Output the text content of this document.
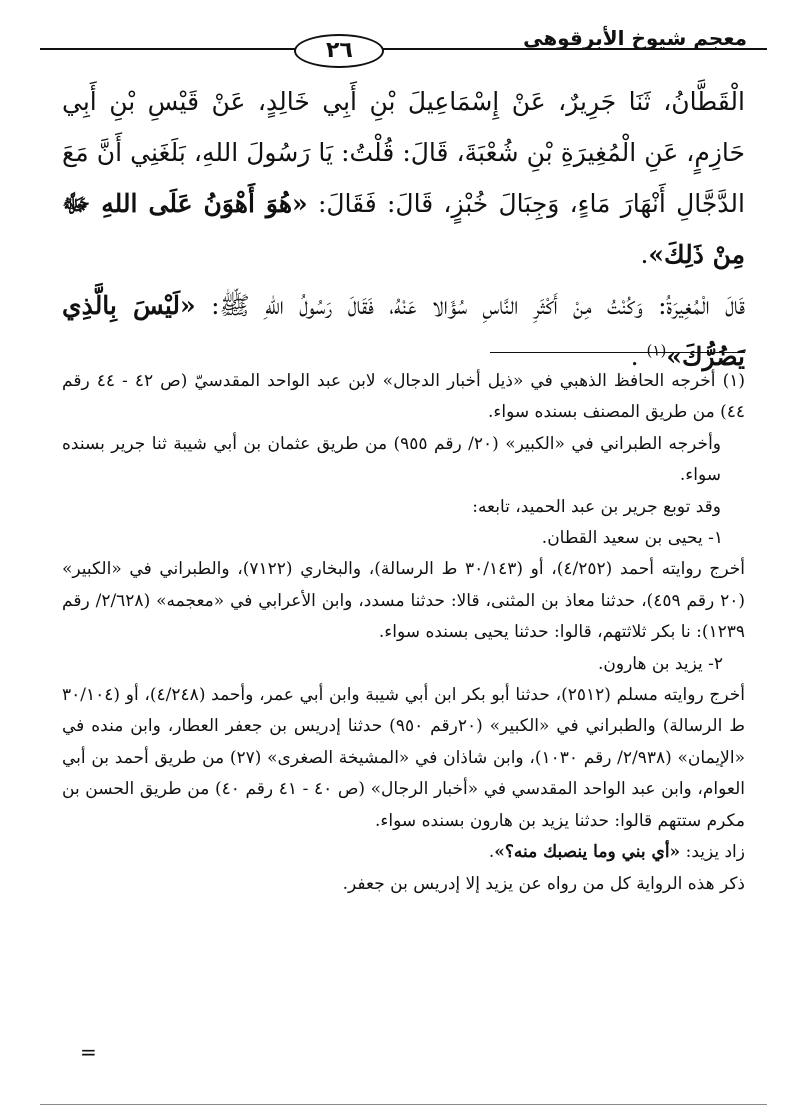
معجم شيوخ الأبرقوهي
٢٦

الْقَطَّانُ، ثَنَا جَرِيرٌ، عَنْ إِسْمَاعِيلَ بْنِ أَبِي خَالِدٍ، عَنْ قَيْسِ بْنِ أَبِي حَازِمٍ، عَنِ الْمُغِيرَةِ بْنِ شُعْبَةَ، قَالَ: قُلْتُ: يَا رَسُولَ اللهِ، بَلَغَنِي أَنَّ مَعَ الدَّجَّالِ أَنْهَارَ مَاءٍ، وَجِبَالَ خُبْزٍ، قَالَ: فَقَالَ: «هُوَ أَهْوَنُ عَلَى اللهِ ﷻ مِنْ ذَلِكَ».

قَالَ الْمُغِيرَةُ: وَكُنْتُ مِنْ أَكْثَرِ النَّاسِ سُؤَالا عَنْهُ، فَقَالَ رَسُولُ اللهِ ﷺ: «لَيْسَ بِالَّذِي يَضُرُّكَ»$^{(١)}$ .

(١) أخرجه الحافظ الذهبي في «ذيل أخبار الدجال» لابن عبد الواحد المقدسيّ (ص ٤٢ - ٤٤ رقم ٤٤) من طريق المصنف بسنده سواء.

وأخرجه الطبراني في «الكبير» (٢٠/ رقم ٩٥٥) من طريق عثمان بن أبي شيبة ثنا جرير بسنده سواء.

وقد توبع جرير بن عبد الحميد، تابعه:

١- يحيى بن سعيد القطان.

أخرج روايته أحمد (٤/٢٥٢)، أو (٣٠/١٤٣ ط الرسالة)، والبخاري (٧١٢٢)، والطبراني في «الكبير» (٢٠ رقم ٤٥٩)، حدثنا معاذ بن المثنى، قالا: حدثنا مسدد، وابن الأعرابي في «معجمه» (٢/٦٢٨/ رقم ١٢٣٩): نا بكر ثلاثتهم، قالوا: حدثنا يحيى بسنده سواء.

٢- يزيد بن هارون.

أخرج روايته مسلم (٢٥١٢)، حدثنا أبو بكر ابن أبي شيبة وابن أبي عمر، وأحمد (٤/٢٤٨)، أو (٣٠/١٠٤ ط الرسالة) والطبراني في «الكبير» (٢٠رقم ٩٥٠) حدثنا إدريس بن جعفر العطار، وابن منده في «الإيمان» (٢/٩٣٨/ رقم ١٠٣٠)، وابن شاذان في «المشيخة الصغرى» (٢٧) من طريق أحمد بن أبي العوام، وابن عبد الواحد المقدسي في «أخبار الرجال» (ص ٤٠ - ٤١ رقم ٤٠) من طريق الحسن بن مكرم ستتهم قالوا: حدثنا يزيد بن هارون بسنده سواء.

زاد يزيد: «أي بني وما ينصبك منه؟».

ذكر هذه الرواية كل من رواه عن يزيد إلا إدريس بن جعفر.

=
